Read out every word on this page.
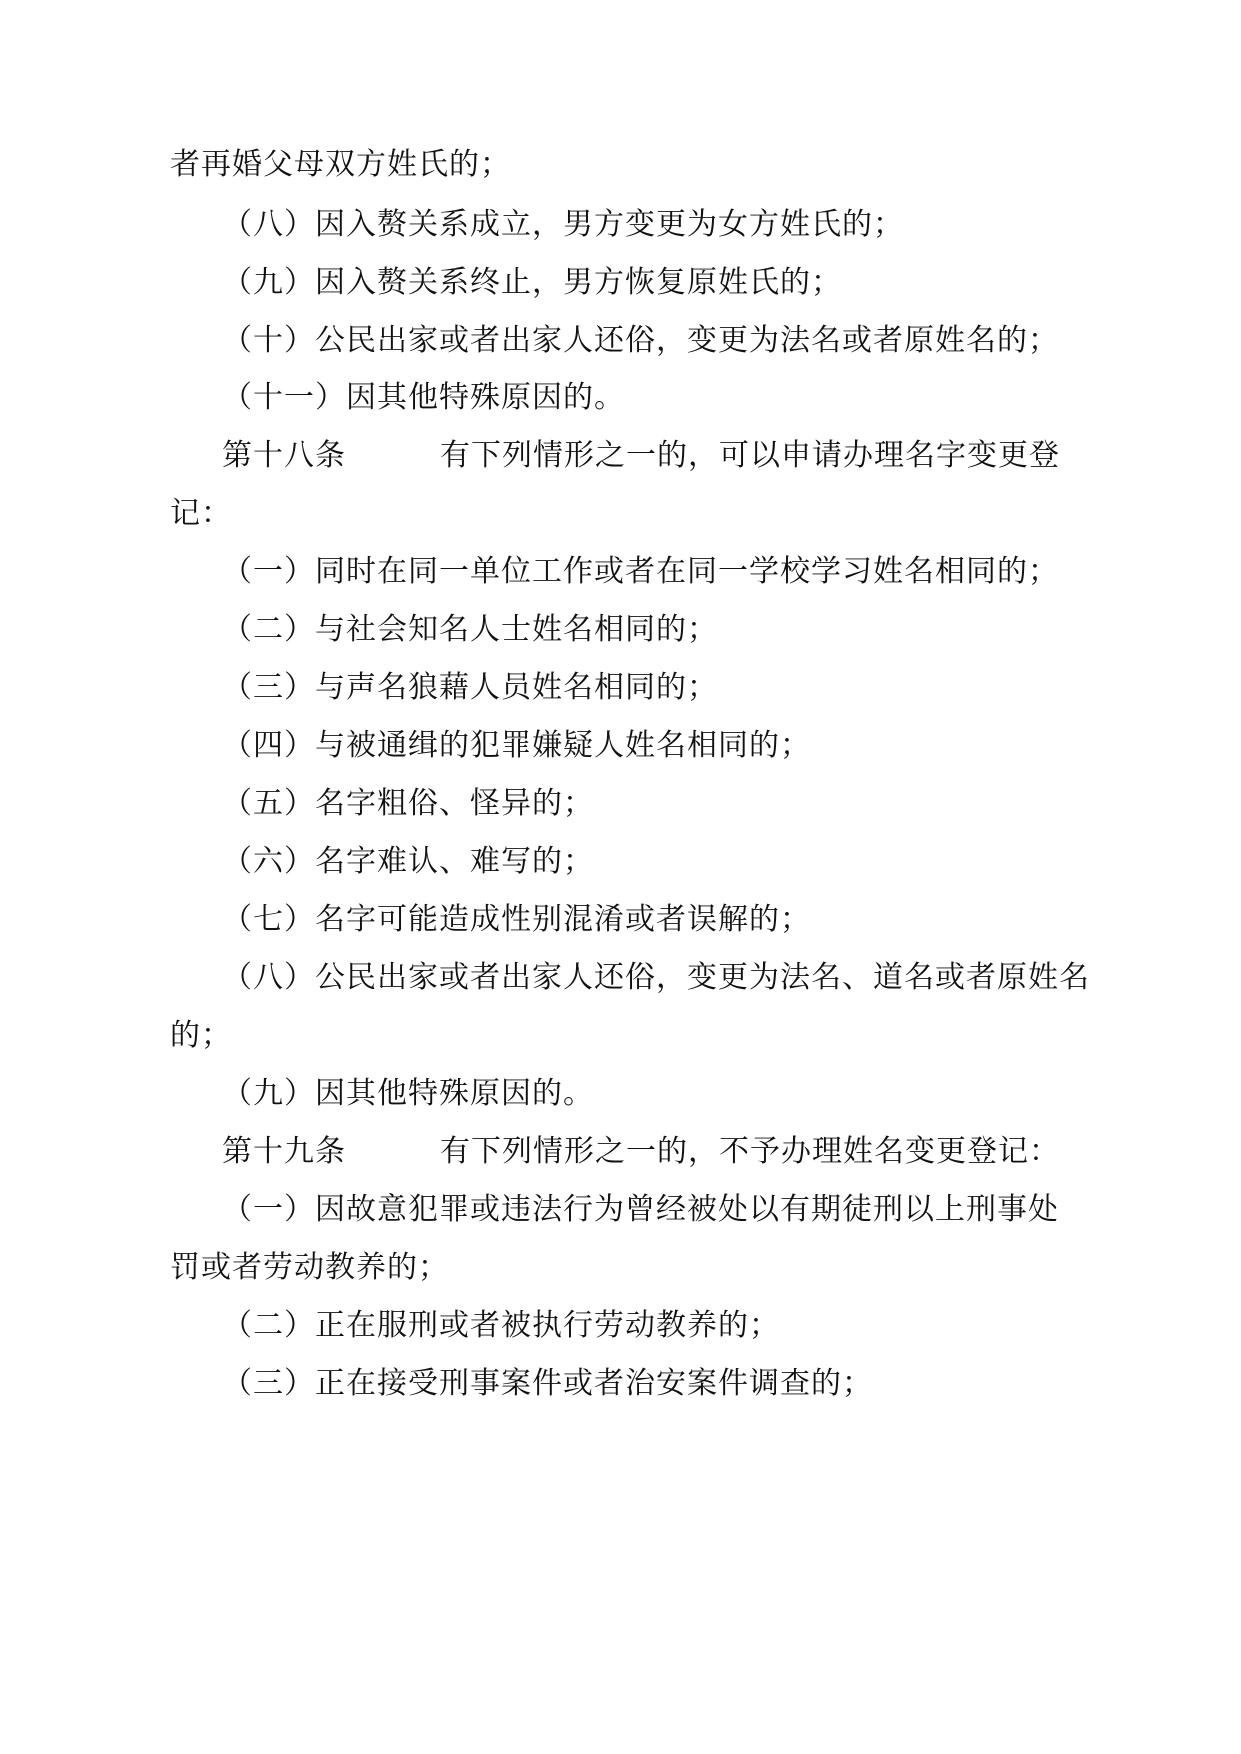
者再婚父母双方姓氏的；
（八）因入赘关系成立，男方变更为女方姓氏的；
（九）因入赘关系终止，男方恢复原姓氏的；
（十）公民出家或者出家人还俗，变更为法名或者原姓名的；
（十一）因其他特殊原因的。
第十八条	有下列情形之一的，可以申请办理名字变更登
记：
（一）同时在同一单位工作或者在同一学校学习姓名相同的；
（二）与社会知名人士姓名相同的；
（三）与声名狼藉人员姓名相同的；
（四）与被通缉的犯罪嫌疑人姓名相同的；
（五）名字粗俗、怪异的；
（六）名字难认、难写的；
（七）名字可能造成性别混淆或者误解的；
（八）公民出家或者出家人还俗，变更为法名、道名或者原姓名
的；
（九）因其他特殊原因的。
第十九条	有下列情形之一的，不予办理姓名变更登记：
（一）因故意犯罪或违法行为曾经被处以有期徒刑以上刑事处
罚或者劳动教养的；
（二）正在服刑或者被执行劳动教养的；
（三）正在接受刑事案件或者治安案件调查的；
